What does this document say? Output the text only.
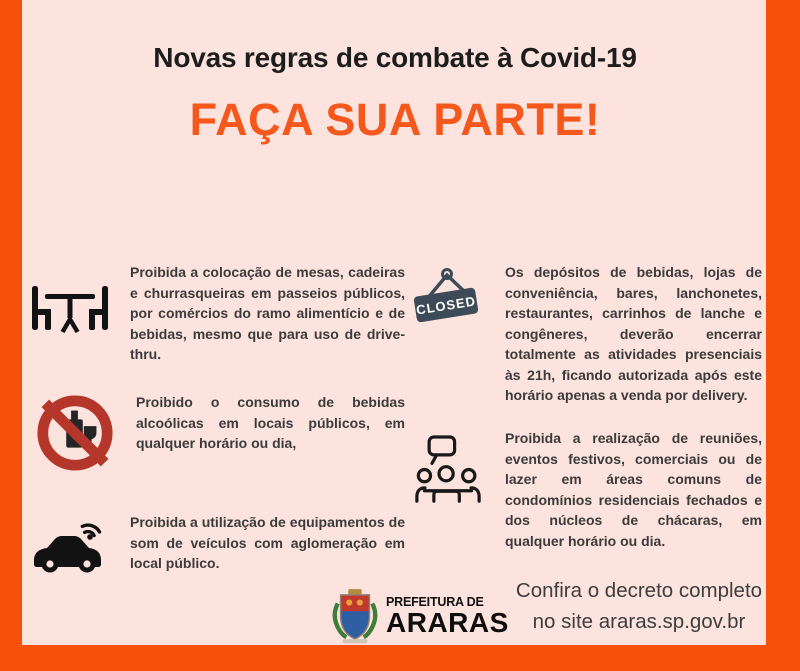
Novas regras de combate à Covid-19
FAÇA SUA PARTE!
Proibida a colocação de mesas, cadeiras e churrasqueiras em passeios públicos, por comércios do ramo alimentício e de bebidas, mesmo que para uso de drive-thru.
Proibido o consumo de bebidas alcoólicas em locais públicos, em qualquer horário ou dia,
Proibida a utilização de equipamentos de som de veículos com aglomeração em local público.
CLOSED
Os depósitos de bebidas, lojas de conveniência, bares, lanchonetes, restaurantes, carrinhos de lanche e congêneres, deverão encerrar totalmente as atividades presenciais às 21h, ficando autorizada após este horário apenas a venda por delivery.
Proibida a realização de reuniões, eventos festivos, comerciais ou de lazer em áreas comuns de condomínios residenciais fechados e dos núcleos de chácaras, em qualquer horário ou dia.
PREFEITURA DE
ARARAS
Confira o decreto completo
no site araras.sp.gov.br
